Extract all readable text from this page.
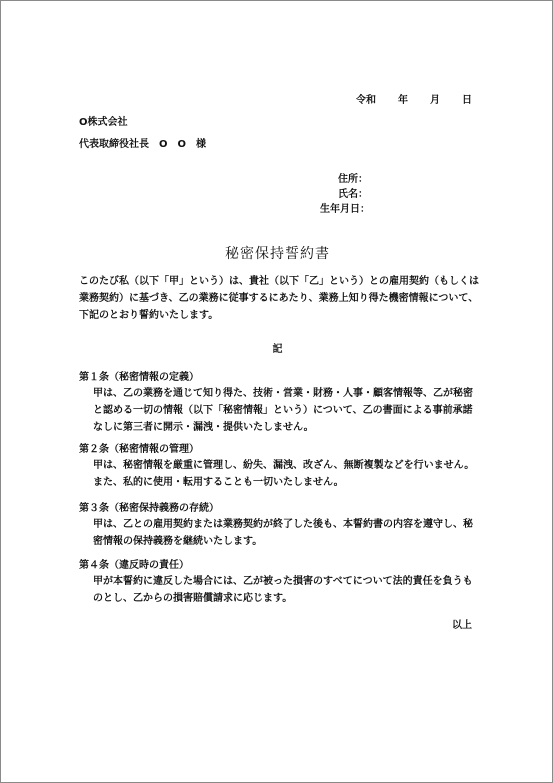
令和 年 月 日
O株式会社
代表取締役社長　O　O　様
住所：
氏名：
生年月日：
秘密保持誓約書
このたび私（以下「甲」という）は、貴社（以下「乙」という）との雇用契約（もしくは業務契約）に基づき、乙の業務に従事するにあたり、業務上知り得た機密情報について、下記のとおり誓約いたします。
記
第１条（秘密情報の定義）
甲は、乙の業務を通じて知り得た、技術・営業・財務・人事・顧客情報等、乙が秘密と認める一切の情報（以下「秘密情報」という）について、乙の書面による事前承諾なしに第三者に開示・漏洩・提供いたしません。
第２条（秘密情報の管理）
甲は、秘密情報を厳重に管理し、紛失、漏洩、改ざん、無断複製などを行いません。また、私的に使用・転用することも一切いたしません。
第３条（秘密保持義務の存続）
甲は、乙との雇用契約または業務契約が終了した後も、本誓約書の内容を遵守し、秘密情報の保持義務を継続いたします。
第４条（違反時の責任）
甲が本誓約に違反した場合には、乙が被った損害のすべてについて法的責任を負うものとし、乙からの損害賠償請求に応じます。
以上
